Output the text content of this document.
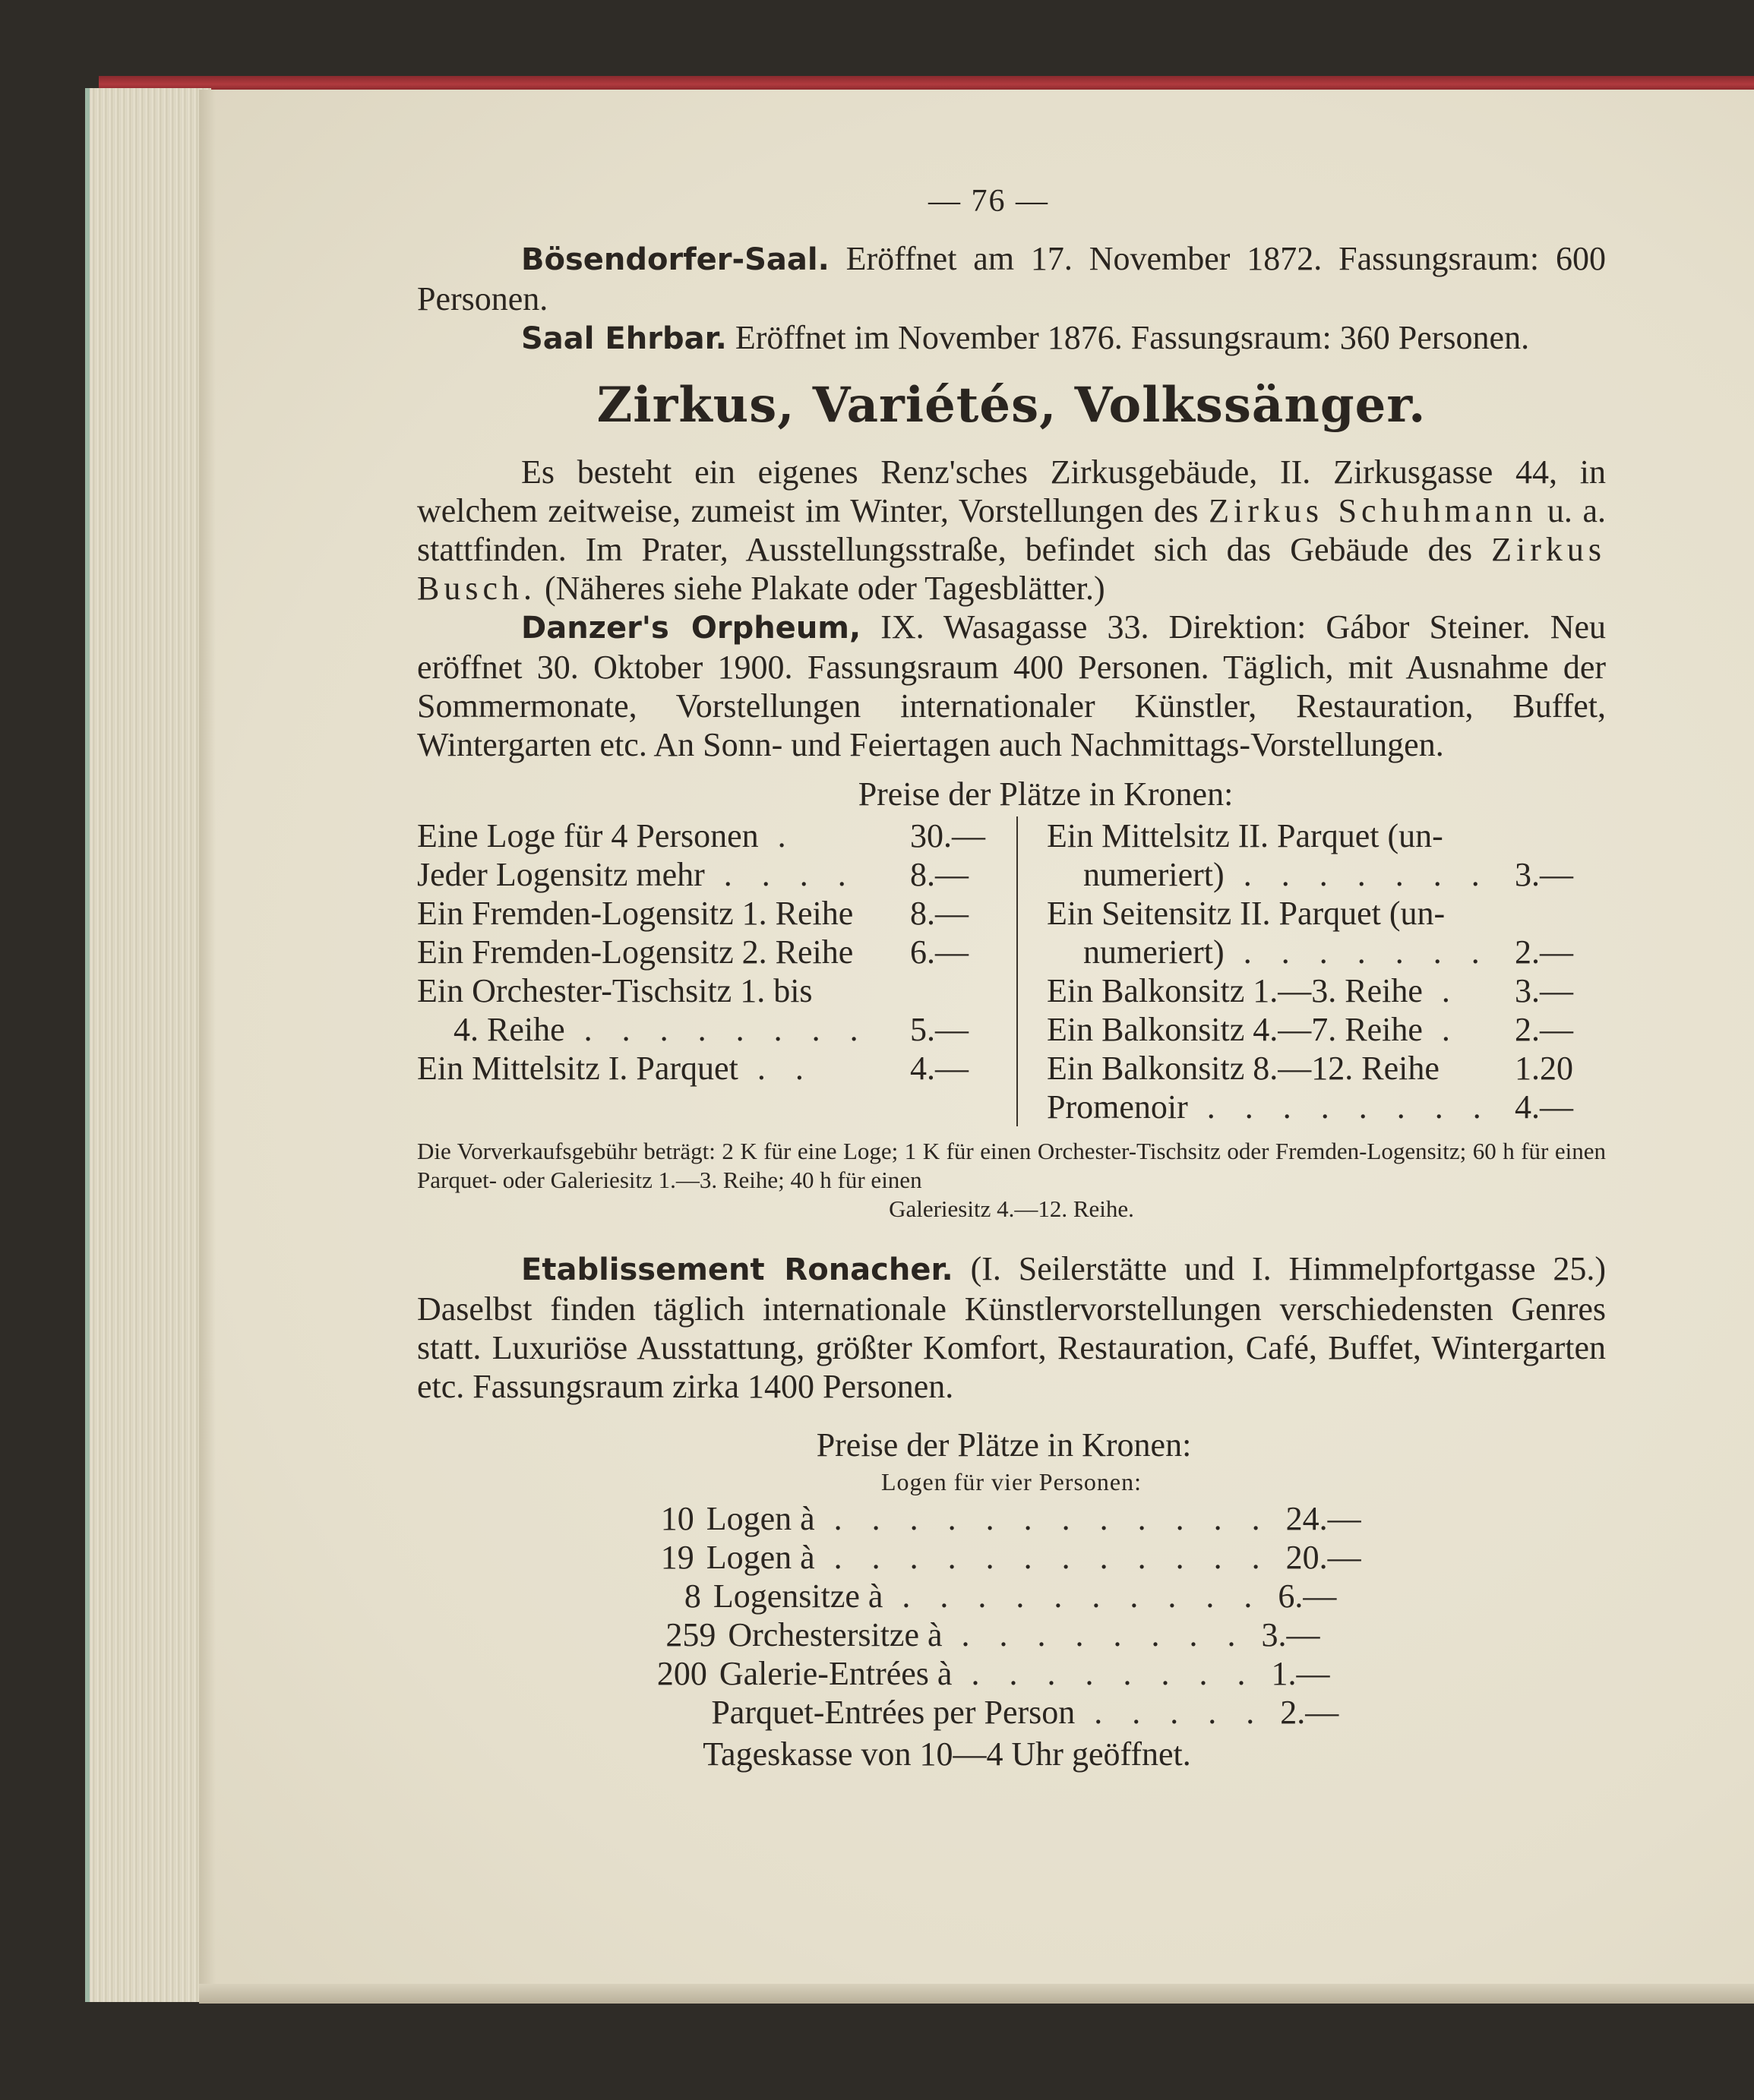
— 76 —

Bösendorfer-Saal. Eröffnet am 17. November 1872. Fassungsraum: 600 Personen.

Saal Ehrbar. Eröffnet im November 1876. Fassungsraum: 360 Personen.

Zirkus, Variétés, Volkssänger.

Es besteht ein eigenes Renz'sches Zirkusgebäude, II. Zirkusgasse 44, in welchem zeitweise, zumeist im Winter, Vorstellungen des Zirkus Schuhmann u. a. stattfinden. Im Prater, Ausstellungsstraße, befindet sich das Gebäude des Zirkus Busch. (Näheres siehe Plakate oder Tagesblätter.)

Danzer's Orpheum, IX. Wasagasse 33. Direktion: Gábor Steiner. Neu eröffnet 30. Oktober 1900. Fassungsraum 400 Personen. Täglich, mit Ausnahme der Sommermonate, Vorstellungen internationaler Künstler, Restauration, Buffet, Wintergarten etc. An Sonn- und Feiertagen auch Nachmittags-Vorstellungen.

Preise der Plätze in Kronen:
Eine Loge für 4 Personen .	30.—
Jeder Logensitz mehr . . . .	8.—
Ein Fremden-Logensitz 1. Reihe	8.—
Ein Fremden-Logensitz 2. Reihe	6.—
Ein Orchester-Tischsitz 1. bis
4. Reihe . . . . . . . .	5.—
Ein Mittelsitz I. Parquet . .	4.—
Ein Mittelsitz II. Parquet (un-
numeriert) . . . . . . . 3.—
Ein Seitensitz II. Parquet (un-
numeriert) . . . . . . . 2.—
Ein Balkonsitz 1.—3. Reihe .	3.—
Ein Balkonsitz 4.—7. Reihe .	2.—
Ein Balkonsitz 8.—12. Reihe	1.20
Promenoir . . . . . . . . 4.—
Die Vorverkaufsgebühr beträgt: 2 K für eine Loge; 1 K für einen Orchester-Tischsitz oder Fremden-Logensitz; 60 h für einen Parquet- oder Galeriesitz 1.—3. Reihe; 40 h für einen
Galeriesitz 4.—12. Reihe.

Etablissement Ronacher. (I. Seilerstätte und I. Himmelpfortgasse 25.) Daselbst finden täglich internationale Künstlervorstellungen verschiedensten Genres statt. Luxuriöse Ausstattung, größter Komfort, Restauration, Café, Buffet, Wintergarten etc. Fassungsraum zirka 1400 Personen.

Preise der Plätze in Kronen:
Logen für vier Personen:
10 Logen à . . . . . . . . . . . . 24.—
19 Logen à . . . . . . . . . . . . 20.—
8 Logensitze à . . . . . . . . . . 6.—
259 Orchestersitze à . . . . . . . . 3.—
200 Galerie-Entrées à . . . . . . . . 1.—
Parquet-Entrées per Person . . . . . 2.—
Tageskasse von 10—4 Uhr geöffnet.
